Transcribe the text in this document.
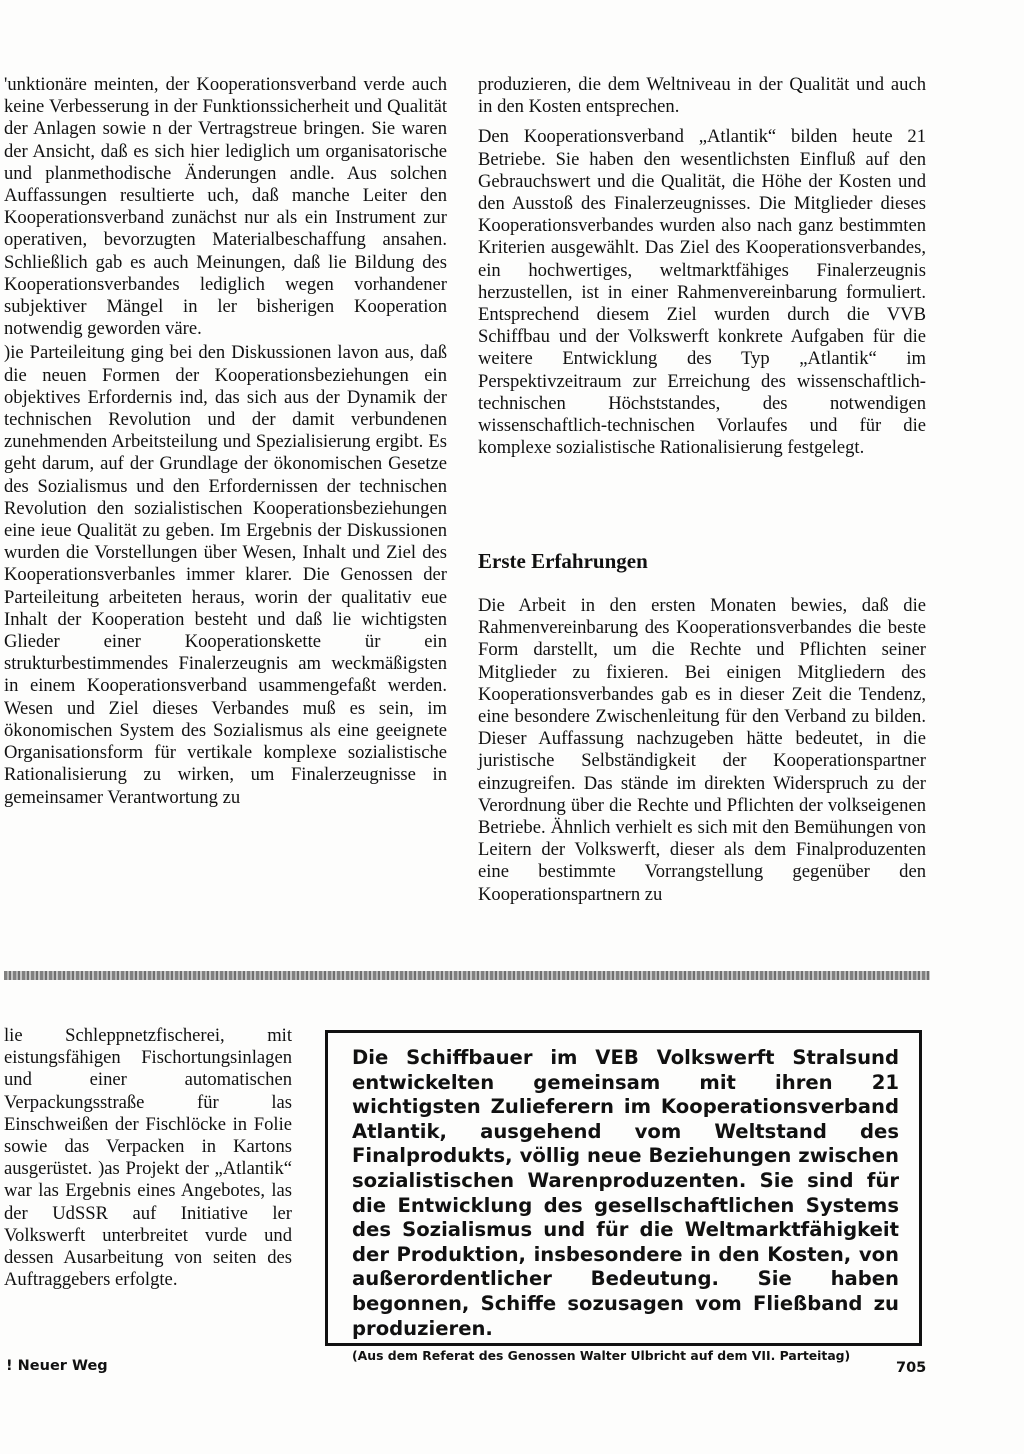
'unktionäre meinten, der Kooperationsverband verde auch keine Verbesserung in der Funktionssicherheit und Qualität der Anlagen sowie n der Vertragstreue bringen. Sie waren der Ansicht, daß es sich hier lediglich um organisatorische und planmethodische Änderungen andle. Aus solchen Auffassungen resultierte uch, daß manche Leiter den Kooperationsverband zunächst nur als ein Instrument zur operativen, bevorzugten Materialbeschaffung ansahen. Schließlich gab es auch Meinungen, daß lie Bildung des Kooperationsverbandes lediglich wegen vorhandener subjektiver Mängel in ler bisherigen Kooperation notwendig geworden väre.

)ie Parteileitung ging bei den Diskussionen lavon aus, daß die neuen Formen der Kooperationsbeziehungen ein objektives Erfordernis ind, das sich aus der Dynamik der technischen Revolution und der damit verbundenen zunehmenden Arbeitsteilung und Spezialisierung ergibt. Es geht darum, auf der Grundlage der ökonomischen Gesetze des Sozialismus und den Erfordernissen der technischen Revolution den sozialistischen Kooperationsbeziehungen eine ieue Qualität zu geben. Im Ergebnis der Diskussionen wurden die Vorstellungen über Wesen, Inhalt und Ziel des Kooperationsverbanles immer klarer. Die Genossen der Parteileitung arbeiteten heraus, worin der qualitativ eue Inhalt der Kooperation besteht und daß lie wichtigsten Glieder einer Kooperationskette ür ein strukturbestimmendes Finalerzeugnis am weckmäßigsten in einem Kooperationsverband usammengefaßt werden. Wesen und Ziel dieses Verbandes muß es sein, im ökonomischen System des Sozialismus als eine geeignete Organisationsform für vertikale komplexe sozialistische Rationalisierung zu wirken, um Finalerzeugnisse in gemeinsamer Verantwortung zu

produzieren, die dem Weltniveau in der Qualität und auch in den Kosten entsprechen.

Den Kooperationsverband „Atlantik“ bilden heute 21 Betriebe. Sie haben den wesentlichsten Einfluß auf den Gebrauchswert und die Qualität, die Höhe der Kosten und den Ausstoß des Finalerzeugnisses. Die Mitglieder dieses Kooperationsverbandes wurden also nach ganz bestimmten Kriterien ausgewählt. Das Ziel des Kooperationsverbandes, ein hochwertiges, weltmarktfähiges Finalerzeugnis herzustellen, ist in einer Rahmenvereinbarung formuliert. Entsprechend diesem Ziel wurden durch die VVB Schiffbau und der Volkswerft konkrete Aufgaben für die weitere Entwicklung des Typ „Atlantik“ im Perspektivzeitraum zur Erreichung des wissenschaftlich-technischen Höchststandes, des notwendigen wissenschaftlich-technischen Vorlaufes und für die komplexe sozialistische Rationalisierung festgelegt.

Erste Erfahrungen

Die Arbeit in den ersten Monaten bewies, daß die Rahmenvereinbarung des Kooperationsverbandes die beste Form darstellt, um die Rechte und Pflichten seiner Mitglieder zu fixieren. Bei einigen Mitgliedern des Kooperationsverbandes gab es in dieser Zeit die Tendenz, eine besondere Zwischenleitung für den Verband zu bilden. Dieser Auffassung nachzugeben hätte bedeutet, in die juristische Selbständigkeit der Kooperationspartner einzugreifen. Das stände im direkten Widerspruch zu der Verordnung über die Rechte und Pflichten der volkseigenen Betriebe. Ähnlich verhielt es sich mit den Bemühungen von Leitern der Volkswerft, dieser als dem Finalproduzenten eine bestimmte Vorrangstellung gegenüber den Kooperationspartnern zu

lie Schleppnetzfischerei, mit eistungsfähigen Fischortungsinlagen und einer automatischen Verpackungsstraße für las Einschweißen der Fischlöcke in Folie sowie das Verpacken in Kartons ausgerüstet. )as Projekt der „Atlantik“ war las Ergebnis eines Angebotes, las der UdSSR auf Initiative ler Volkswerft unterbreitet vurde und dessen Ausarbeitung von seiten des Auftraggebers erfolgte.

Die Schiffbauer im VEB Volkswerft Stralsund entwickelten gemeinsam mit ihren 21 wichtigsten Zulieferern im Kooperationsverband Atlantik, ausgehend vom Weltstand des Finalprodukts, völlig neue Beziehungen zwischen sozialistischen Warenproduzenten. Sie sind für die Entwicklung des gesellschaftlichen Systems des Sozialismus und für die Weltmarktfähigkeit der Produktion, insbesondere in den Kosten, von außerordentlicher Bedeutung. Sie haben begonnen, Schiffe sozusagen vom Fließband zu produzieren.

(Aus dem Referat des Genossen Walter Ulbricht auf dem VII. Parteitag)

! Neuer Weg	705
